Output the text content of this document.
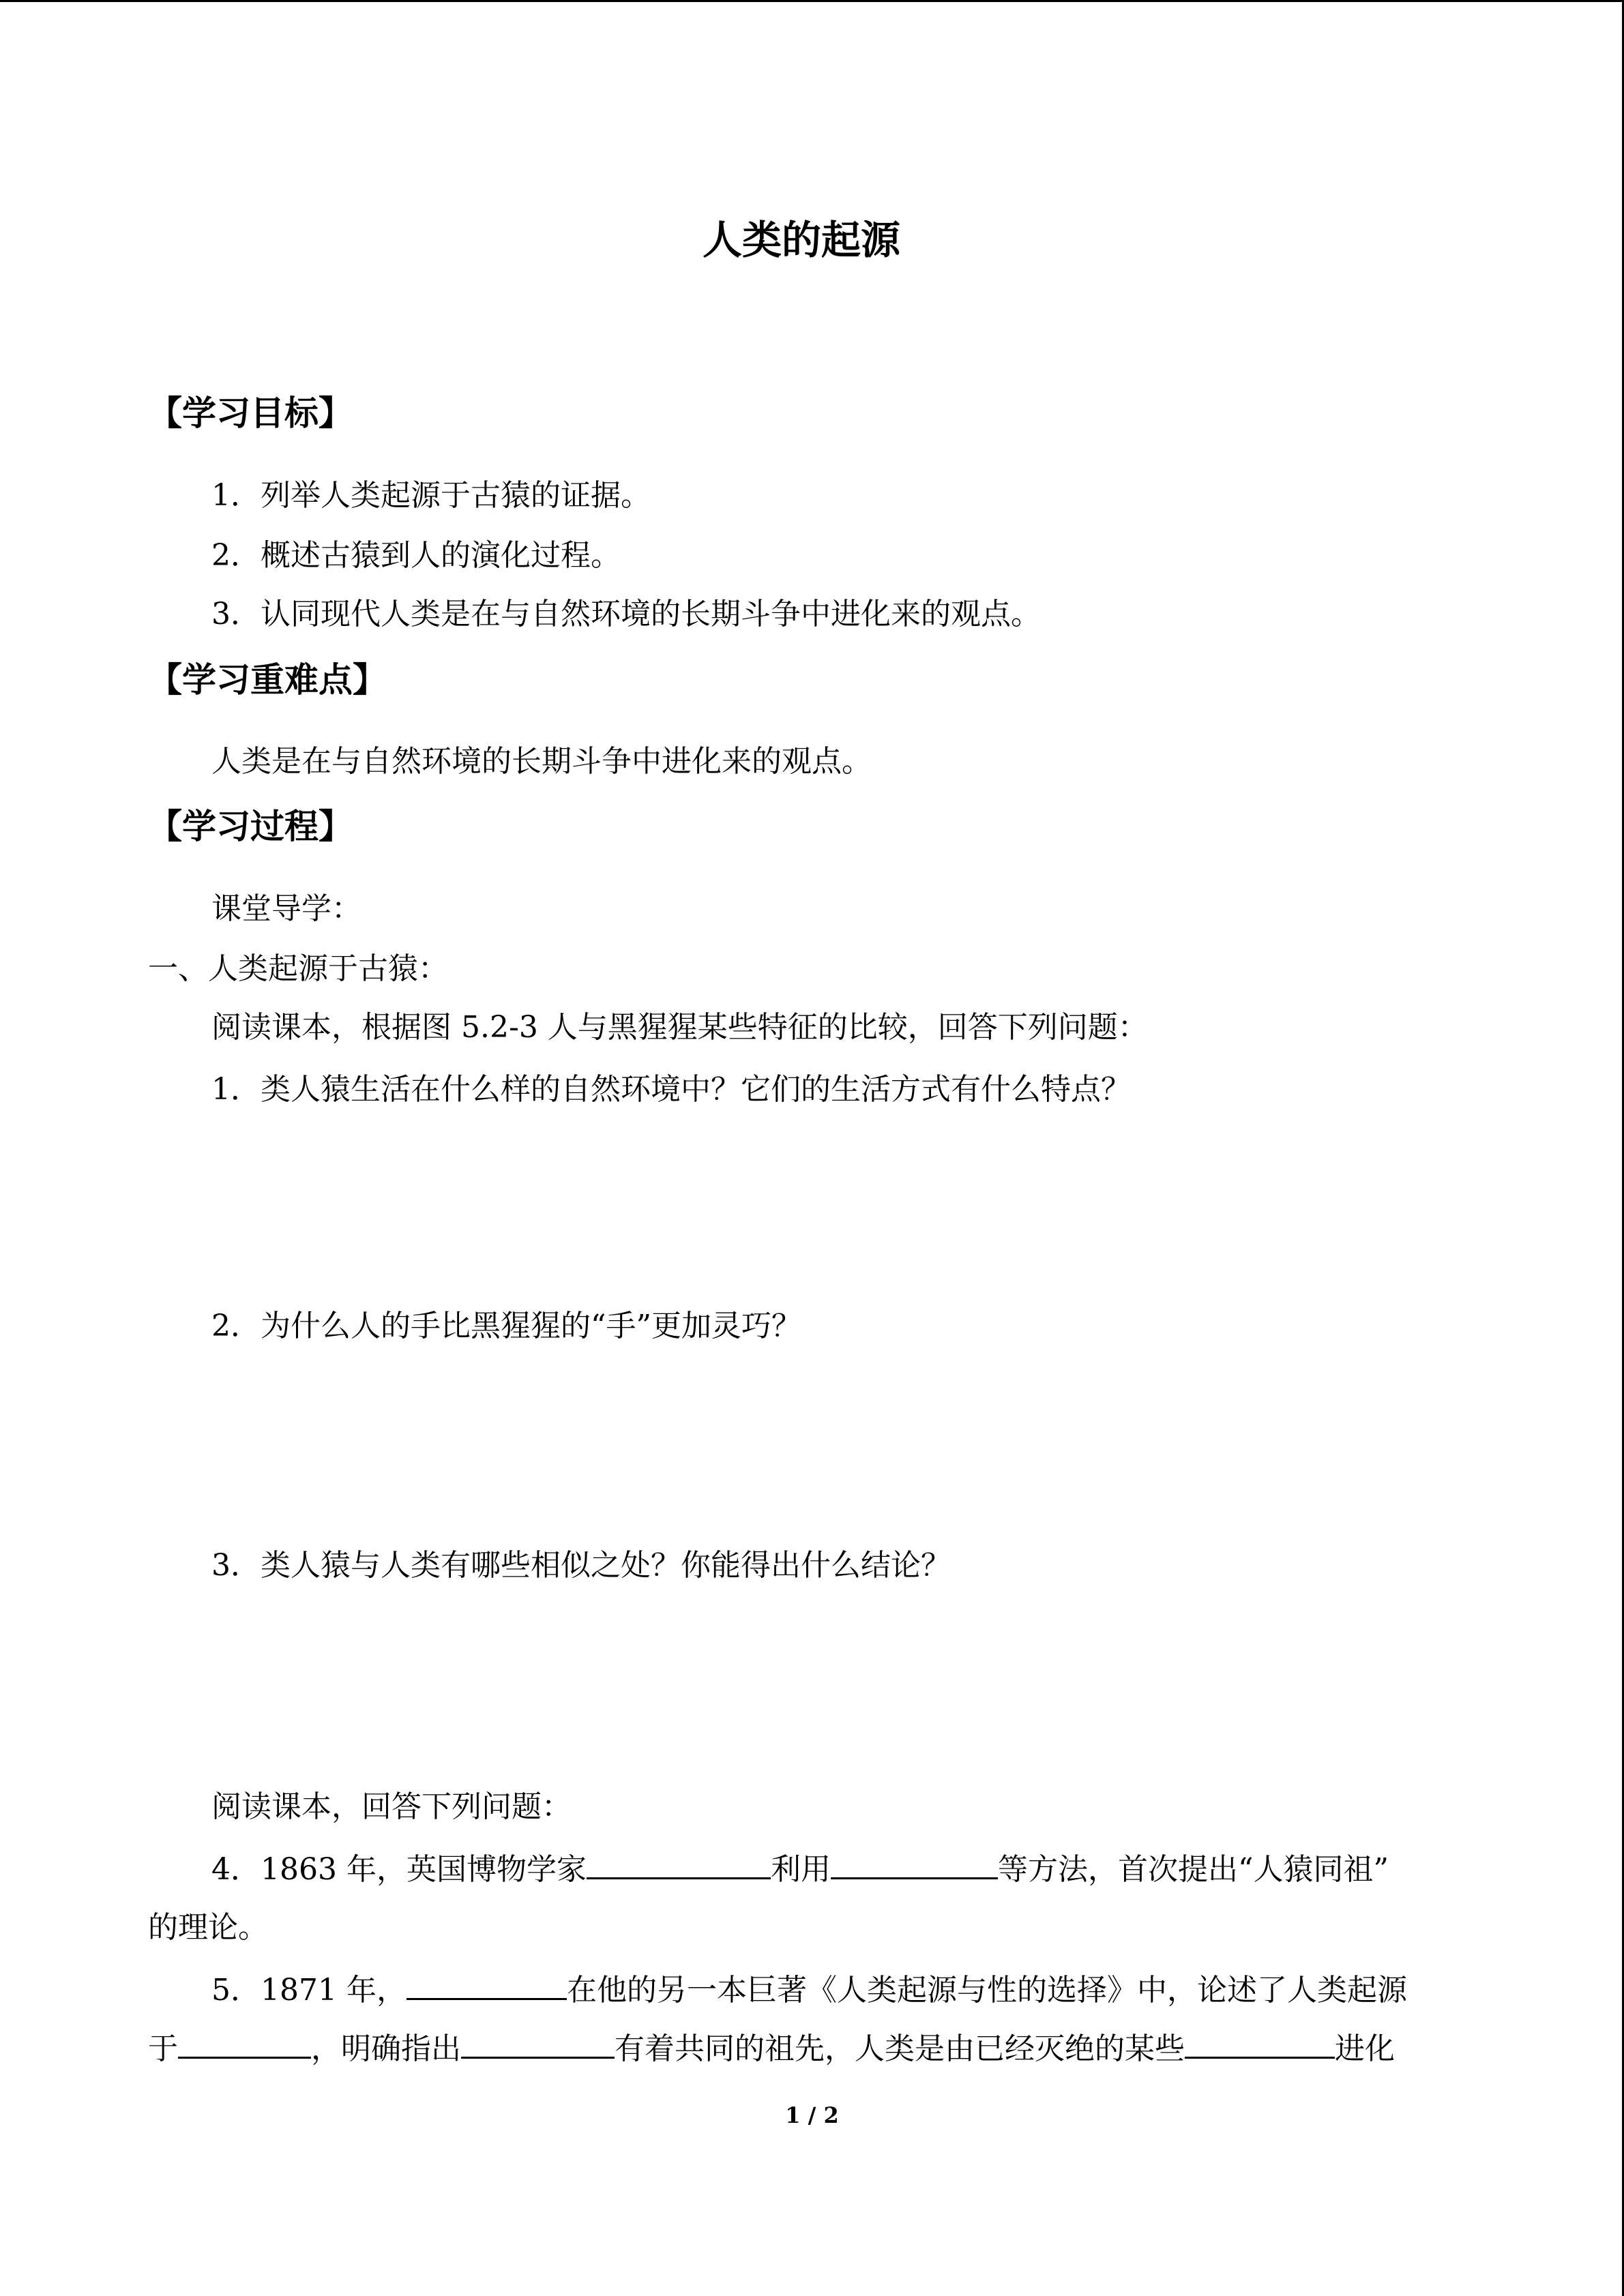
人类的起源
【学习目标】
1．列举人类起源于古猿的证据。
2．概述古猿到人的演化过程。
3．认同现代人类是在与自然环境的长期斗争中进化来的观点。
【学习重难点】
人类是在与自然环境的长期斗争中进化来的观点。
【学习过程】
课堂导学：
一、人类起源于古猿：
阅读课本，根据图 5.2-3 人与黑猩猩某些特征的比较，回答下列问题：
1．类人猿生活在什么样的自然环境中？它们的生活方式有什么特点？
2．为什么人的手比黑猩猩的“手”更加灵巧？
3．类人猿与人类有哪些相似之处？你能得出什么结论？
阅读课本，回答下列问题：
4．1863 年，英国博物学家	利用	等方法，首次提出“人猿同祖”
的理论。
5．1871 年，	在他的另一本巨著《人类起源与性的选择》中，论述了人类起源
于	，明确指出	有着共同的祖先，人类是由已经灭绝的某些	进化
1 / 2
